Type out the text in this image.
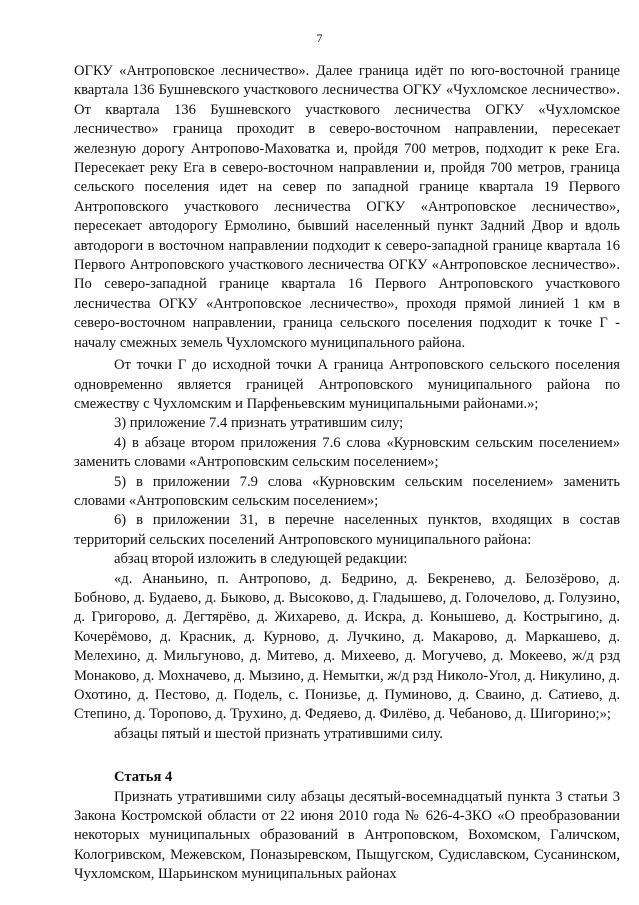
7

ОГКУ «Антроповское лесничество». Далее граница идёт по юго-восточной границе квартала 136 Бушневского участкового лесничества ОГКУ «Чухломское лесничество». От квартала 136 Бушневского участкового лесничества ОГКУ «Чухломское лесничество» граница проходит в северо-восточном направлении, пересекает железную дорогу Антропово-Маховатка и, пройдя 700 метров, подходит к реке Ега. Пересекает реку Ега в северо-восточном направлении и, пройдя 700 метров, граница сельского поселения идет на север по западной границе квартала 19 Первого Антроповского участкового лесничества ОГКУ «Антроповское лесничество», пересекает автодорогу Ермолино, бывший населенный пункт Задний Двор и вдоль автодороги в восточном направлении подходит к северо-западной границе квартала 16 Первого Антроповского участкового лесничества ОГКУ «Антроповское лесничество». По северо-западной границе квартала 16 Первого Антроповского участкового лесничества ОГКУ «Антроповское лесничество», проходя прямой линией 1 км в северо-восточном направлении, граница сельского поселения подходит к точке Г - началу смежных земель Чухломского муниципального района.

От точки Г до исходной точки А граница Антроповского сельского поселения одновременно является границей Антроповского муниципального района по смежеству с Чухломским и Парфеньевским муниципальными районами.»;

3) приложение 7.4 признать утратившим силу;

4) в абзаце втором приложения 7.6 слова «Курновским сельским поселением» заменить словами «Антроповским сельским поселением»;

5) в приложении 7.9 слова «Курновским сельским поселением» заменить словами «Антроповским сельским поселением»;

6) в приложении 31, в перечне населенных пунктов, входящих в состав территорий сельских поселений Антроповского муниципального района:

абзац второй изложить в следующей редакции:

«д. Ананьино, п. Антропово, д. Бедрино, д. Бекренево, д. Белозёрово, д. Бобново, д. Будаево, д. Быково, д. Высоково, д. Гладышево, д. Голочелово, д. Голузино, д. Григорово, д. Дегтярёво, д. Жихарево, д. Искра, д. Конышево, д. Кострыгино, д. Кочерёмово, д. Красник, д. Курново, д. Лучкино, д. Макарово, д. Маркашево, д. Мелехино, д. Мильгуново, д. Митево, д. Михеево, д. Могучево, д. Мокеево, ж/д рзд Монаково, д. Мохначево, д. Мызино, д. Немытки, ж/д рзд Николо-Угол, д. Никулино, д. Охотино, д. Пестово, д. Подель, с. Понизье, д. Пуминово, д. Сваино, д. Сатиево, д. Степино, д. Торопово, д. Трухино, д. Федяево, д. Филёво, д. Чебаново, д. Шигорино;»;

абзацы пятый и шестой признать утратившими силу.

Статья 4

Признать утратившими силу абзацы десятый-восемнадцатый пункта 3 статьи 3 Закона Костромской области от 22 июня 2010 года № 626-4-ЗКО «О преобразовании некоторых муниципальных образований в Антроповском, Вохомском, Галичском, Кологривском, Межевском, Поназыревском, Пыщугском, Судиславском, Сусанинском, Чухломском, Шарьинском муниципальных районах
